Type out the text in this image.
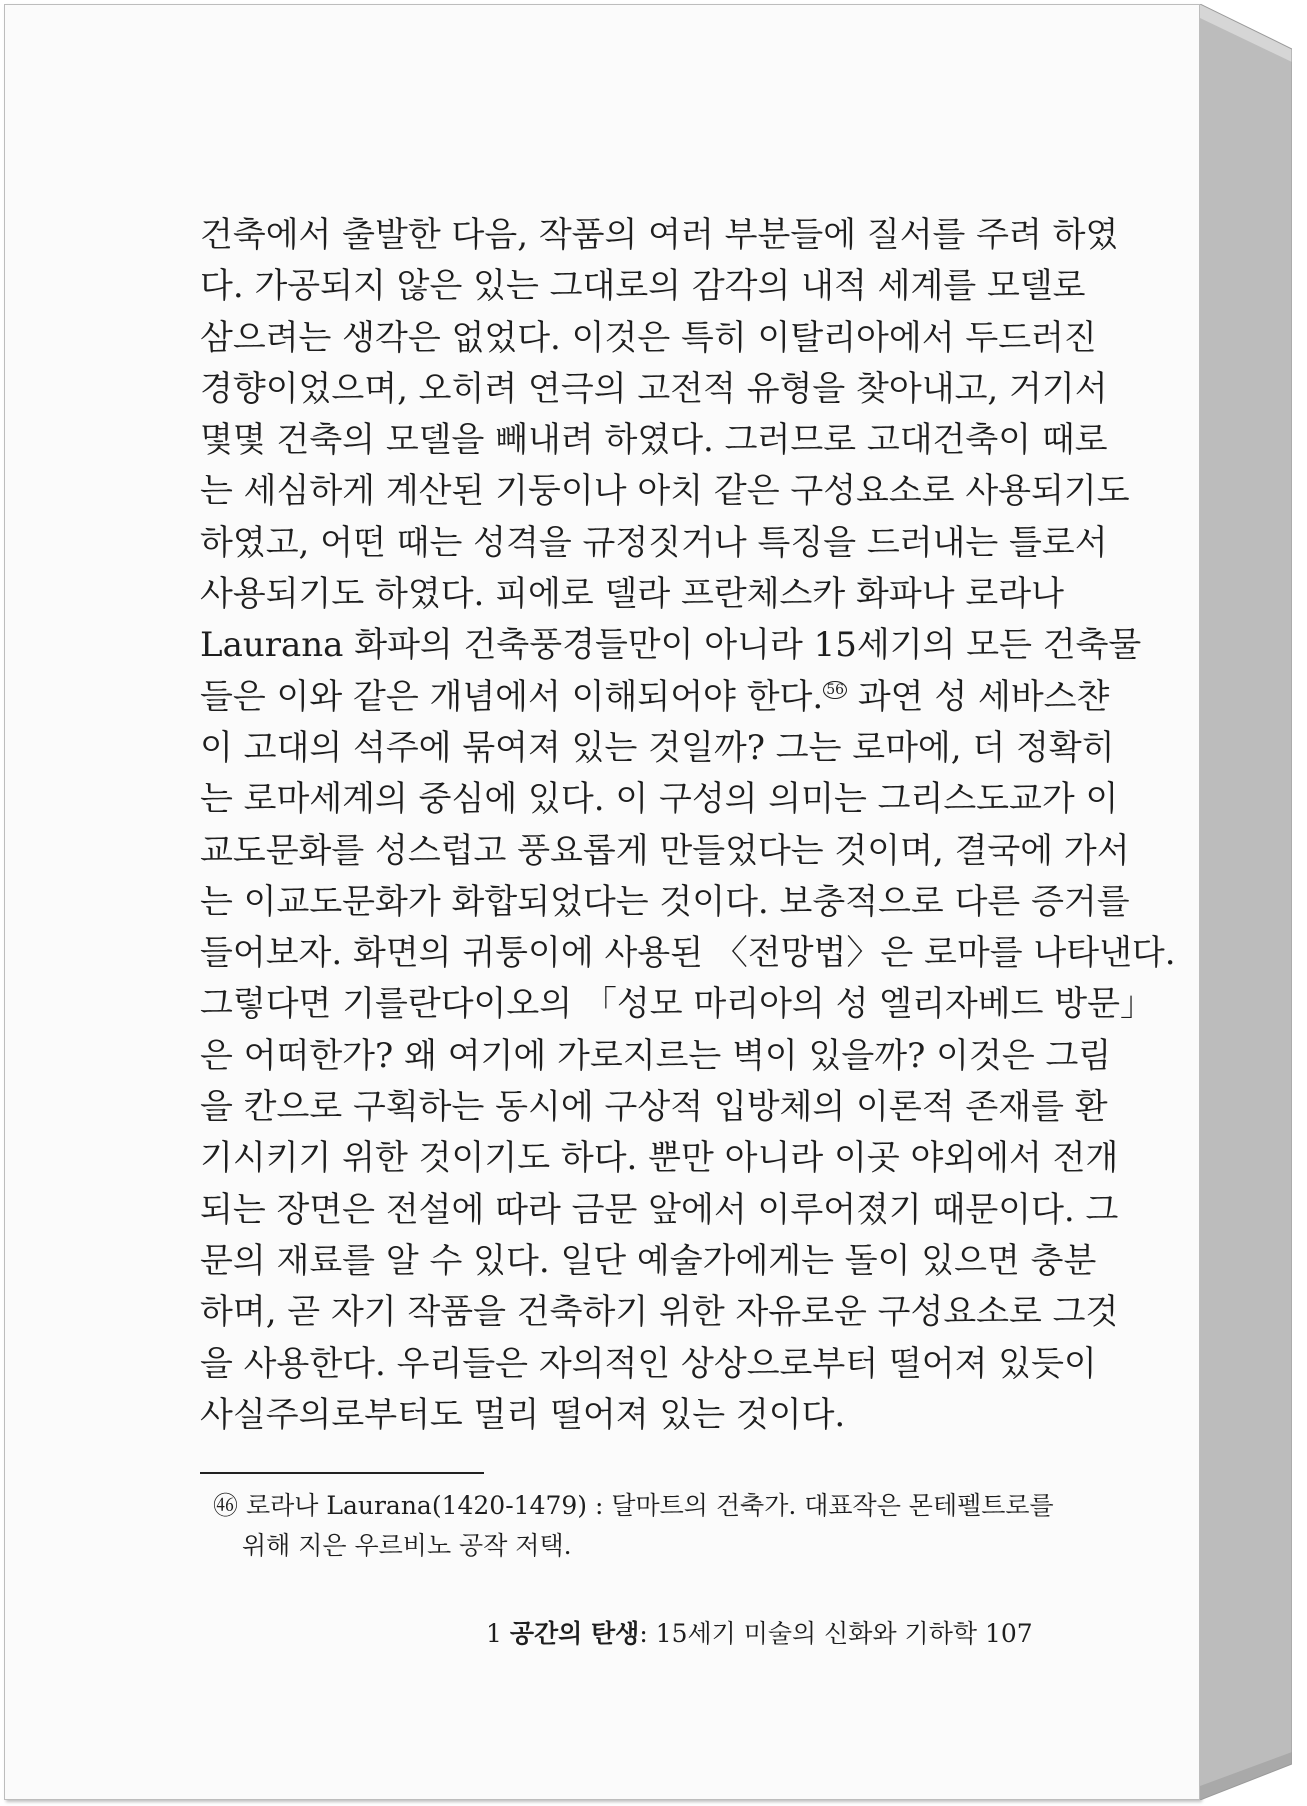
건축에서 출발한 다음, 작품의 여러 부분들에 질서를 주려 하였
다. 가공되지 않은 있는 그대로의 감각의 내적 세계를 모델로
삼으려는 생각은 없었다. 이것은 특히 이탈리아에서 두드러진
경향이었으며, 오히려 연극의 고전적 유형을 찾아내고, 거기서
몇몇 건축의 모델을 빼내려 하였다. 그러므로 고대건축이 때로
는 세심하게 계산된 기둥이나 아치 같은 구성요소로 사용되기도
하였고, 어떤 때는 성격을 규정짓거나 특징을 드러내는 틀로서
사용되기도 하였다. 피에로 델라 프란체스카 화파나 로라나
Laurana 화파의 건축풍경들만이 아니라 15세기의 모든 건축물
들은 이와 같은 개념에서 이해되어야 한다. $^{56}$ 과연 성 세바스챤
이 고대의 석주에 묶여져 있는 것일까? 그는 로마에, 더 정확히
는 로마세계의 중심에 있다. 이 구성의 의미는 그리스도교가 이
교도문화를 성스럽고 풍요롭게 만들었다는 것이며, 결국에 가서
는 이교도문화가 화합되었다는 것이다. 보충적으로 다른 증거를
들어보자. 화면의 귀퉁이에 사용된 〈전망법〉은 로마를 나타낸다.
그렇다면 기를란다이오의 「성모 마리아의 성 엘리자베드 방문」
은 어떠한가? 왜 여기에 가로지르는 벽이 있을까? 이것은 그림
을 칸으로 구획하는 동시에 구상적 입방체의 이론적 존재를 환
기시키기 위한 것이기도 하다. 뿐만 아니라 이곳 야외에서 전개
되는 장면은 전설에 따라 금문 앞에서 이루어졌기 때문이다. 그
문의 재료를 알 수 있다. 일단 예술가에게는 돌이 있으면 충분
하며, 곧 자기 작품을 건축하기 위한 자유로운 구성요소로 그것
을 사용한다. 우리들은 자의적인 상상으로부터 떨어져 있듯이
사실주의로부터도 멀리 떨어져 있는 것이다.
㊻ 로라나 Laurana(1420-1479) : 달마트의 건축가. 대표작은 몬테펠트로를
위해 지은 우르비노 공작 저택.
1 공간의 탄생: 15세기 미술의 신화와 기하학 107
